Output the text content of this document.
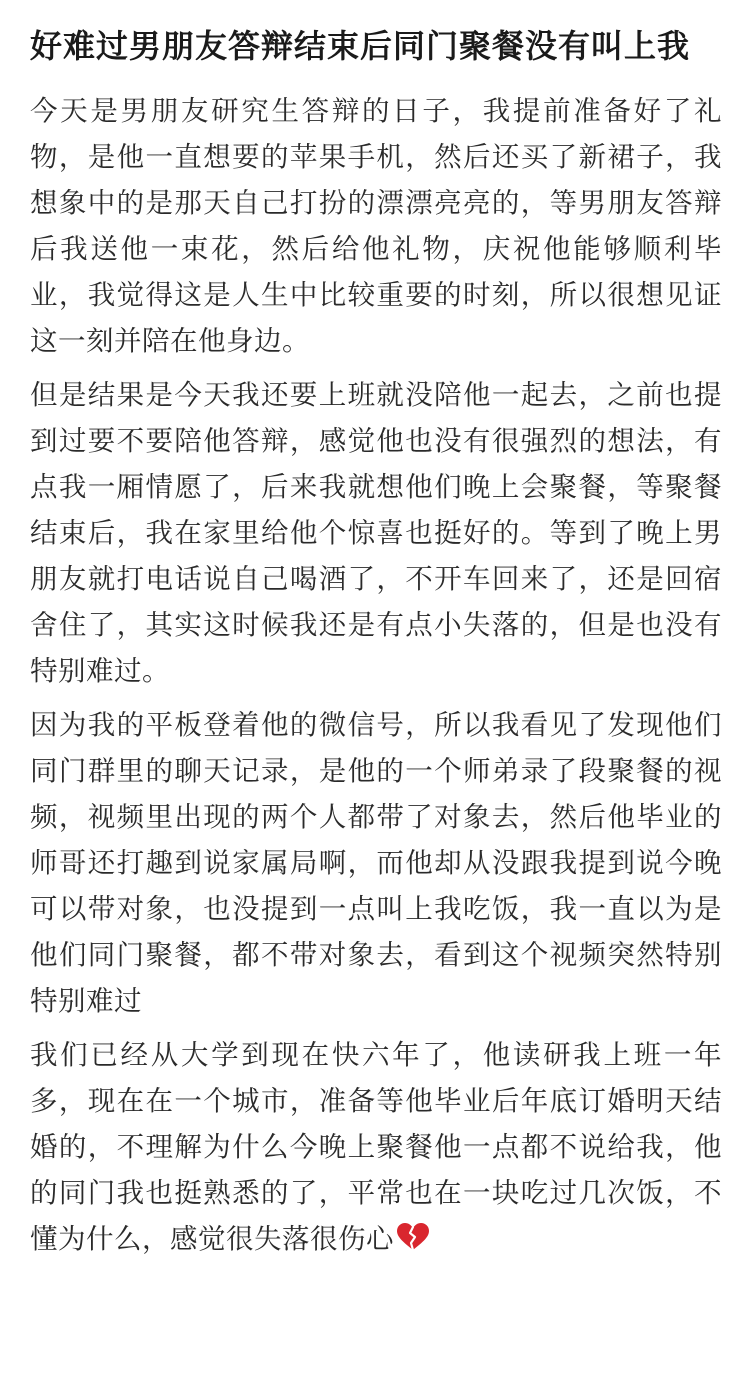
好难过男朋友答辩结束后同门聚餐没有叫上我

今天是男朋友研究生答辩的日子，我提前准备好了礼物，是他一直想要的苹果手机，然后还买了新裙子，我想象中的是那天自己打扮的漂漂亮亮的，等男朋友答辩后我送他一束花，然后给他礼物，庆祝他能够顺利毕业，我觉得这是人生中比较重要的时刻，所以很想见证这一刻并陪在他身边。

但是结果是今天我还要上班就没陪他一起去，之前也提到过要不要陪他答辩，感觉他也没有很强烈的想法，有点我一厢情愿了，后来我就想他们晚上会聚餐，等聚餐结束后，我在家里给他个惊喜也挺好的。等到了晚上男朋友就打电话说自己喝酒了，不开车回来了，还是回宿舍住了，其实这时候我还是有点小失落的，但是也没有特别难过。

因为我的平板登着他的微信号，所以我看见了发现他们同门群里的聊天记录，是他的一个师弟录了段聚餐的视频，视频里出现的两个人都带了对象去，然后他毕业的师哥还打趣到说家属局啊，而他却从没跟我提到说今晚可以带对象，也没提到一点叫上我吃饭，我一直以为是他们同门聚餐，都不带对象去，看到这个视频突然特别特别难过

我们已经从大学到现在快六年了，他读研我上班一年多，现在在一个城市，准备等他毕业后年底订婚明天结婚的，不理解为什么今晚上聚餐他一点都不说给我，他的同门我也挺熟悉的了，平常也在一块吃过几次饭，不懂为什么，感觉很失落很伤心
